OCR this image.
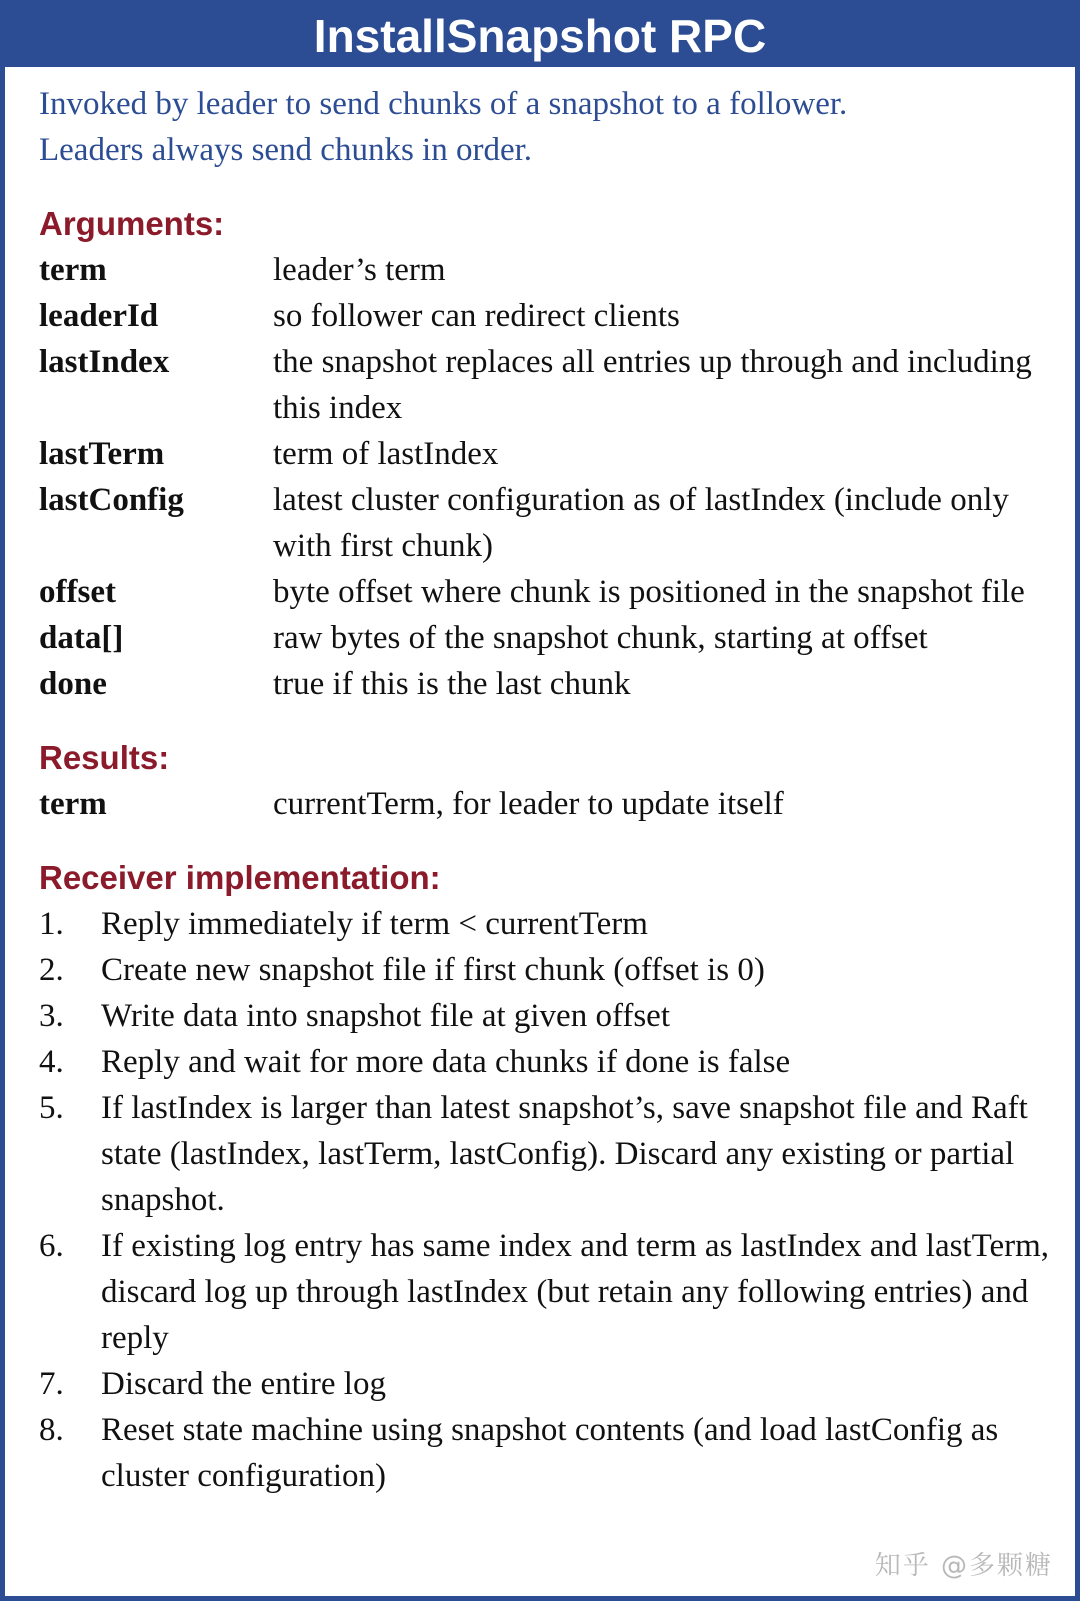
InstallSnapshot RPC
Invoked by leader to send chunks of a snapshot to a follower.
Leaders always send chunks in order.
Arguments:
term	leader’s term
leaderId	so follower can redirect clients
lastIndex	the snapshot replaces all entries up through and including this index
lastTerm	term of lastIndex
lastConfig	latest cluster configuration as of lastIndex (include only with first chunk)
offset	byte offset where chunk is positioned in the snapshot file
data[]	raw bytes of the snapshot chunk, starting at offset
done	true if this is the last chunk
Results:
term	currentTerm, for leader to update itself
Receiver implementation:
1.	Reply immediately if term < currentTerm
2.	Create new snapshot file if first chunk (offset is 0)
3.	Write data into snapshot file at given offset
4.	Reply and wait for more data chunks if done is false
5.	If lastIndex is larger than latest snapshot’s, save snapshot file and Raft state (lastIndex, lastTerm, lastConfig). Discard any existing or partial snapshot.
6.	If existing log entry has same index and term as lastIndex and lastTerm, discard log up through lastIndex (but retain any following entries) and reply
7.	Discard the entire log
8.	Reset state machine using snapshot contents (and load lastConfig as cluster configuration)
知乎 @多颗糖
